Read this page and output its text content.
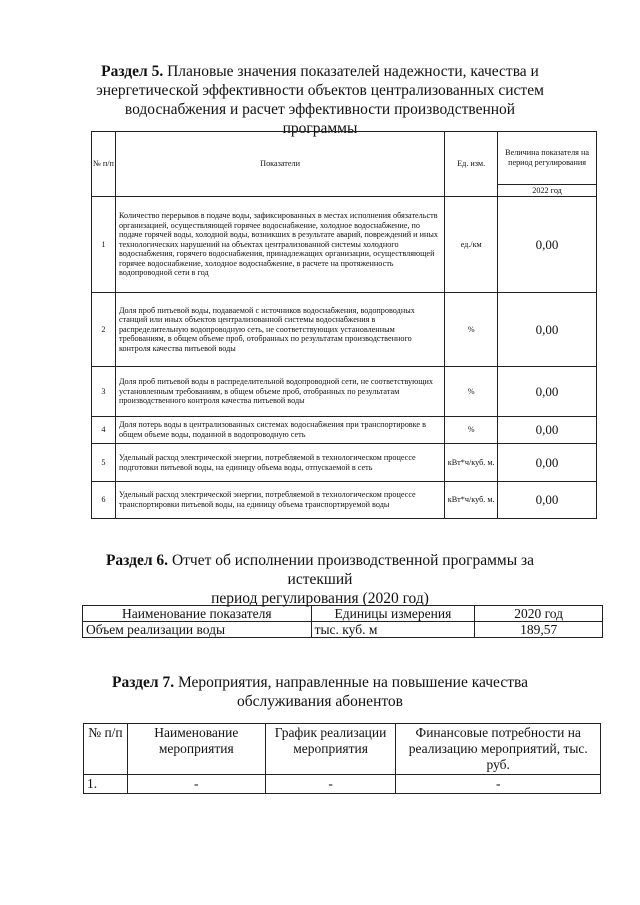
Раздел 5. Плановые значения показателей надежности, качества и
энергетической эффективности объектов централизованных систем
водоснабжения и расчет эффективности производственной программы
№ п/п	Показатели	Ед. изм.	Величина показателя на период регулирования
			2022 год
1	Количество перерывов в подаче воды, зафиксированных в местах исполнения обязательств организацией, осуществляющей горячее водоснабжение, холодное водоснабжение, по подаче горячей воды, холодной воды, возникших в результате аварий, повреждений и иных технологических нарушений на объектах централизованной системы холодного водоснабжения, горячего водоснабжения, принадлежащих организации, осуществляющей горячее водоснабжение, холодное водоснабжение, в расчете на протяженность водопроводной сети в год	ед./км	0,00
2	Доля проб питьевой воды, подаваемой с источников водоснабжения, водопроводных станций или иных объектов централизованной системы водоснабжения в распределительную водопроводную сеть, не соответствующих установленным требованиям, в общем объеме проб, отобранных по результатам производственного контроля качества питьевой воды	%	0,00
3	Доля проб питьевой воды в распределительной водопроводной сети, не соответствующих установленным требованиям, в общем объеме проб, отобранных по результатам производственного контроля качества питьевой воды	%	0,00
4	Доля потерь воды в централизованных системах водоснабжения при транспортировке в общем объеме воды, поданной в водопроводную сеть	%	0,00
5	Удельный расход электрической энергии, потребляемой в технологическом процессе подготовки питьевой воды, на единицу объема воды, отпускаемой в сеть	кВт*ч/куб. м.	0,00
6	Удельный расход электрической энергии, потребляемой в технологическом процессе транспортировки питьевой воды, на единицу объема транспортируемой воды	кВт*ч/куб. м.	0,00
Раздел 6. Отчет об исполнении производственной программы за истекший
период регулирования (2020 год)
Наименование показателя	Единицы измерения	2020 год
Объем реализации воды	тыс. куб. м	189,57
Раздел 7. Мероприятия, направленные на повышение качества
обслуживания абонентов
№ п/п	Наименование мероприятия	График реализации мероприятия	Финансовые потребности на реализацию мероприятий, тыс. руб.
1.	-	-	-
